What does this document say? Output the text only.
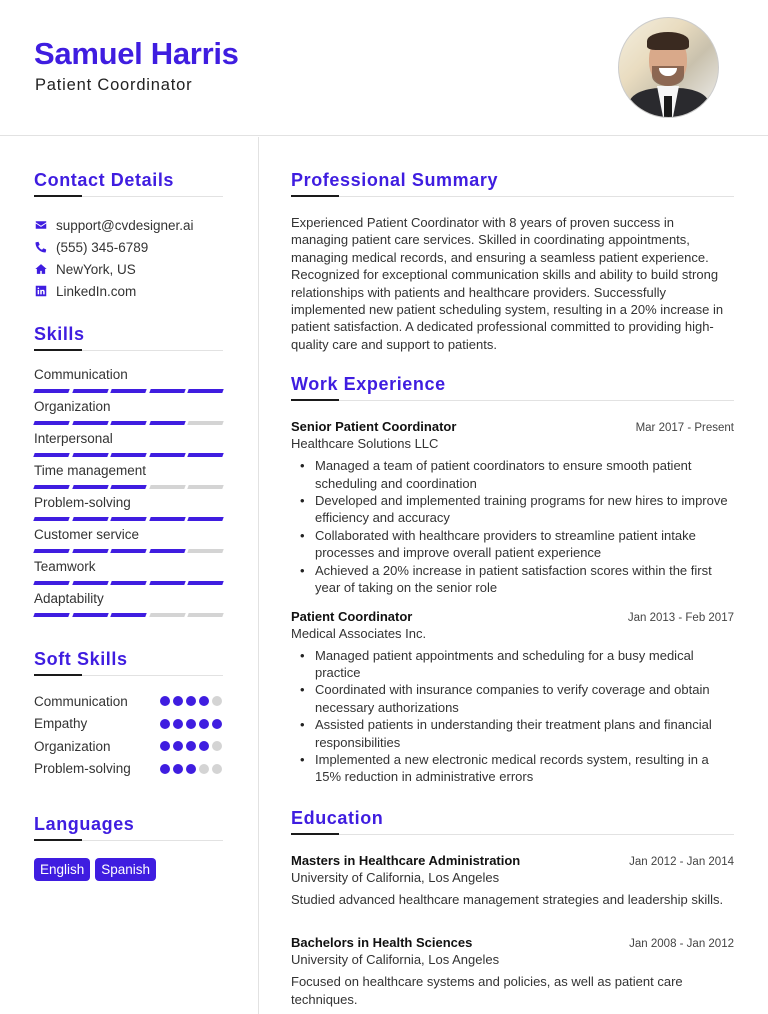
Samuel Harris
Patient Coordinator
Contact Details
support@cvdesigner.ai
(555) 345-6789
NewYork, US
LinkedIn.com
Skills
Communication
Organization
Interpersonal
Time management
Problem-solving
Customer service
Teamwork
Adaptability
Soft Skills
Communication
Empathy
Organization
Problem-solving
Languages
English	Spanish
Professional Summary

Experienced Patient Coordinator with 8 years of proven success in managing patient care services. Skilled in coordinating appointments, managing medical records, and ensuring a seamless patient experience. Recognized for exceptional communication skills and ability to build strong relationships with patients and healthcare providers. Successfully implemented new patient scheduling system, resulting in a 20% increase in patient satisfaction. A dedicated professional committed to providing high-quality care and support to patients.

Work Experience
Senior Patient Coordinator	Mar 2017 - Present
Healthcare Solutions LLC
• Managed a team of patient coordinators to ensure smooth patient scheduling and coordination
• Developed and implemented training programs for new hires to improve efficiency and accuracy
• Collaborated with healthcare providers to streamline patient intake processes and improve overall patient experience
• Achieved a 20% increase in patient satisfaction scores within the first year of taking on the senior role
Patient Coordinator	Jan 2013 - Feb 2017
Medical Associates Inc.
• Managed patient appointments and scheduling for a busy medical practice
• Coordinated with insurance companies to verify coverage and obtain necessary authorizations
• Assisted patients in understanding their treatment plans and financial responsibilities
• Implemented a new electronic medical records system, resulting in a 15% reduction in administrative errors
Education
Masters in Healthcare Administration	Jan 2012 - Jan 2014
University of California, Los Angeles
Studied advanced healthcare management strategies and leadership skills.
Bachelors in Health Sciences	Jan 2008 - Jan 2012
University of California, Los Angeles
Focused on healthcare systems and policies, as well as patient care techniques.
